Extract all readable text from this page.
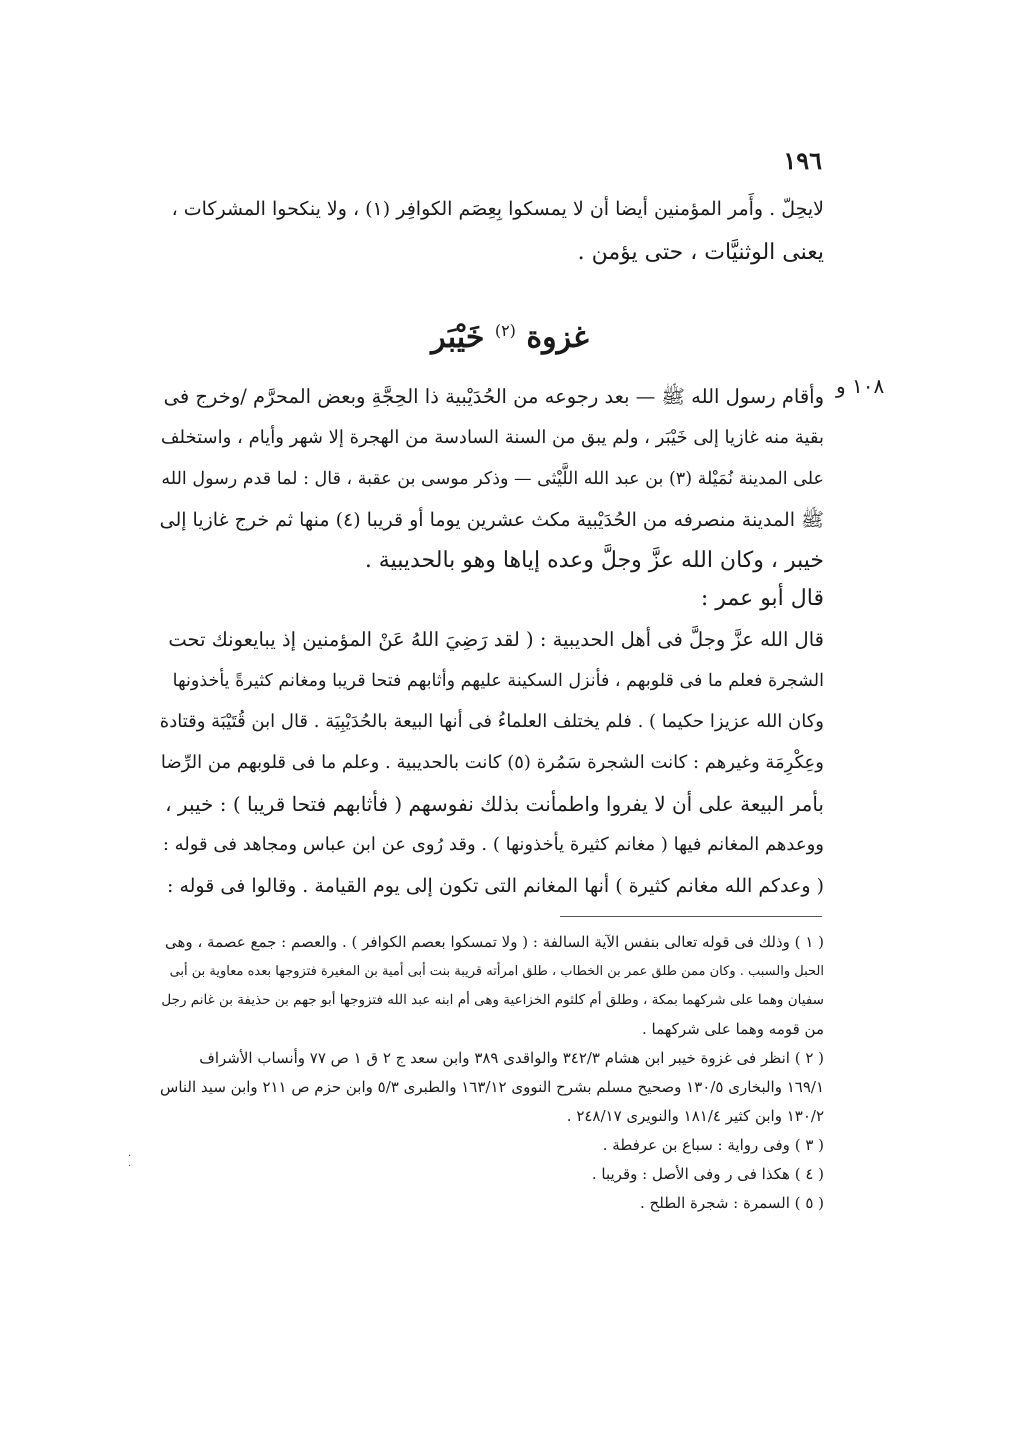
١٩٦
لايحِلّ . وأَمر المؤمنين أيضا أن لا يمسكوا بِعِصَم الكوافِر (١) ، ولا ينكحوا المشركات ،
يعنى الوثنيَّات ، حتى يؤمن .
غزوة $^{(٢)}$ خَيْبَر
١٠٨ و
وأقام رسول الله ﷺ — بعد رجوعه من الحُدَيْبية ذا الحِجَّةِ وبعض المحرَّم /وخرج فى
بقية منه غازيا إلى خَيْبَر ، ولم يبق من السنة السادسة من الهجرة إلا شهر وأيام ، واستخلف
على المدينة نُمَيْلة (٣) بن عبد الله اللَّيْثى — وذكر موسى بن عقبة ، قال : لما قدم رسول الله
ﷺ المدينة منصرفه من الحُدَيْبية مكث عشرين يوما أو قريبا (٤) منها ثم خرج غازيا إلى
خيبر ، وكان الله عزَّ وجلَّ وعده إياها وهو بالحديبية .
قال أبو عمر :
قال الله عزَّ وجلَّ فى أهل الحديبية : ( لقد رَضِيَ اللهُ عَنْ المؤمنين إذ يبايعونك تحت
الشجرة فعلم ما فى قلوبهم ، فأنزل السكينة عليهم وأثابهم فتحا قريبا ومغانم كثيرةً يأخذونها
وكان الله عزيزا حكيما ) . فلم يختلف العلماءُ فى أنها البيعة بالحُدَيْبِيَة . قال ابن قُتَيْبَة وقتادة
وعِكْرِمَة وغيرهم : كانت الشجرة سَمُرة (٥) كانت بالحديبية . وعلم ما فى قلوبهم من الرِّضا
بأمر البيعة على أن لا يفروا واطمأنت بذلك نفوسهم ( فأثابهم فتحا قريبا ) : خيبر ،
ووعدهم المغانم فيها ( مغانم كثيرة يأخذونها ) . وقد رُوى عن ابن عباس ومجاهد فى قوله :
( وعدكم الله مغانم كثيرة ) أنها المغانم التى تكون إلى يوم القيامة . وقالوا فى قوله :
( ١ ) وذلك فى قوله تعالى بنفس الآية السالفة : ( ولا تمسكوا بعصم الكوافر ) . والعصم : جمع عصمة ، وهى
الحبل والسبب . وكان ممن طلق عمر بن الخطاب ، طلق امرأته قريبة بنت أبى أمية بن المغيرة فتزوجها بعده معاوية بن أبى
سفيان وهما على شركهما بمكة ، وطلق أم كلثوم الخزاعية وهى أم ابنه عبد الله فتزوجها أبو جهم بن حذيفة بن غانم رجل
من قومه وهما على شركهما .
( ٢ ) انظر فى غزوة خيبر ابن هشام ٣٤٢/٣ والواقدى ٣٨٩ وابن سعد ج ٢ ق ١ ص ٧٧ وأنساب الأشراف
١٦٩/١ والبخارى ١٣٠/٥ وصحيح مسلم بشرح النووى ١٦٣/١٢ والطبرى ٥/٣ وابن حزم ص ٢١١ وابن سيد الناس
١٣٠/٢ وابن كثير ١٨١/٤ والنويرى ٢٤٨/١٧ .
( ٣ ) وفى رواية : سباع بن عرفطة .
( ٤ ) هكذا فى ر وفى الأصل : وقريبا .
( ٥ ) السمرة : شجرة الطلح .
·
·
